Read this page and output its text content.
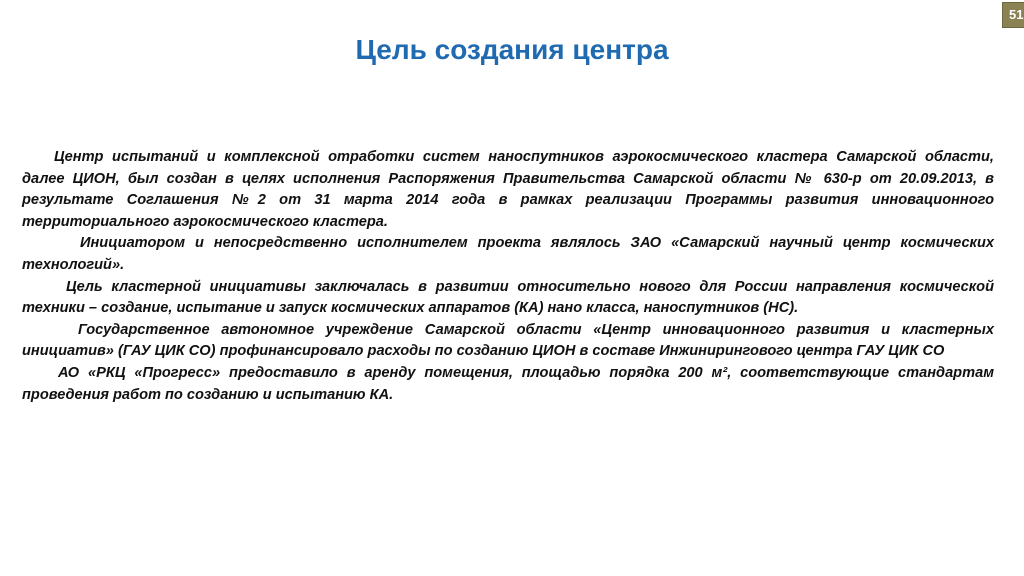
51
Цель создания центра

Центр испытаний и комплексной отработки систем наноспутников аэрокосмического кластера Самарской области, далее ЦИОН, был создан в целях исполнения Распоряжения Правительства Самарской области № 630-р от 20.09.2013, в результате Соглашения №2 от 31 марта 2014 года в рамках реализации Программы развития инновационного территориального аэрокосмического кластера.

Инициатором и непосредственно исполнителем проекта являлось ЗАО «Самарский научный центр космических технологий».

Цель кластерной инициативы заключалась в развитии относительно нового для России направления космической техники – создание, испытание и запуск космических аппаратов (КА) нано класса, наноспутников (НС).

Государственное автономное учреждение Самарской области «Центр инновационного развития и кластерных инициатив» (ГАУ ЦИК СО) профинансировало расходы по созданию ЦИОН в составе Инжинирингового центра ГАУ ЦИК СО

АО «РКЦ «Прогресс» предоставило в аренду помещения, площадью порядка 200 м², соответствующие стандартам проведения работ по созданию и испытанию КА.
